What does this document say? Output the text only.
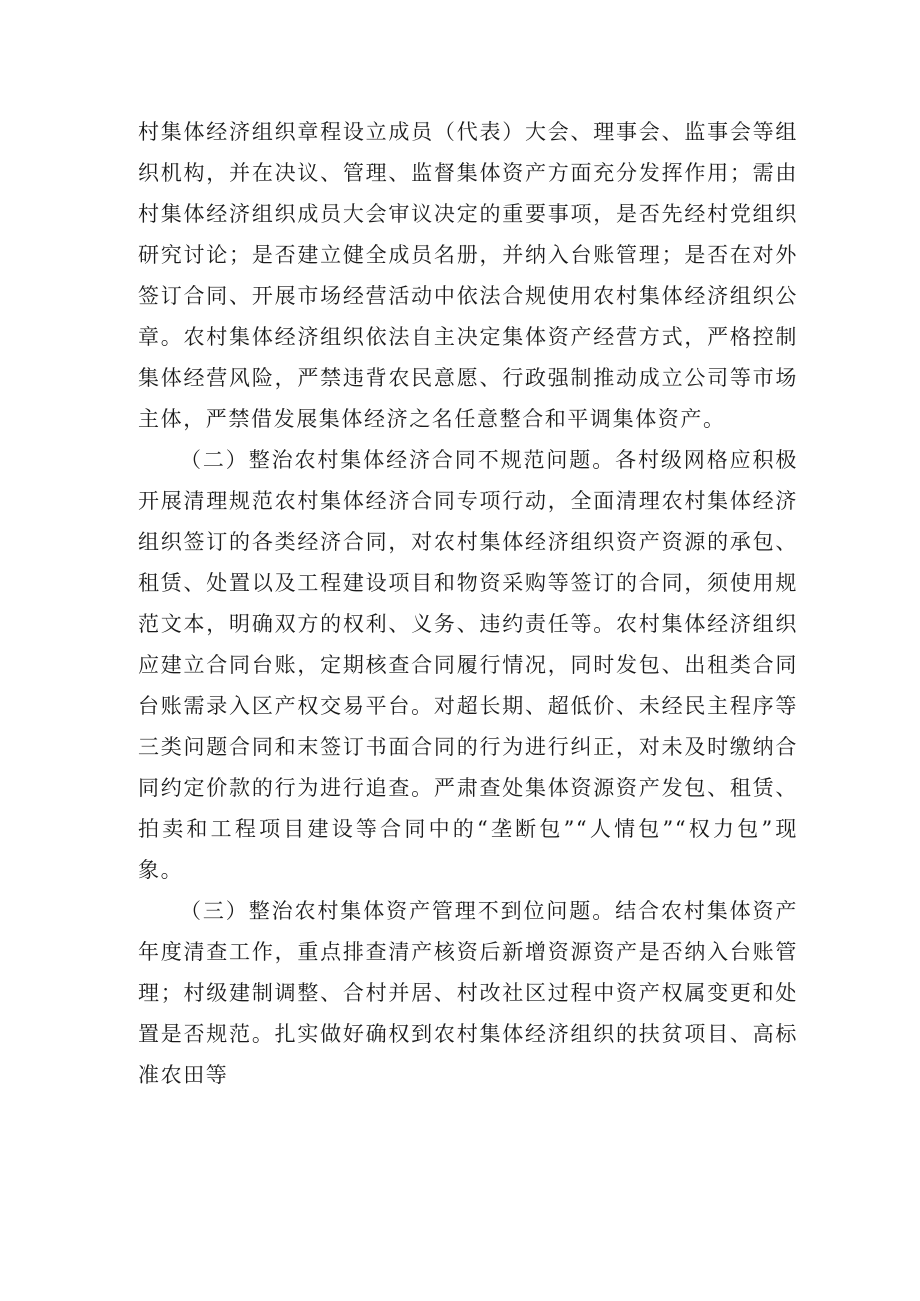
村集体经济组织章程设立成员（代表）大会、理事会、监事会等组织机构，并在决议、管理、监督集体资产方面充分发挥作用；需由村集体经济组织成员大会审议决定的重要事项，是否先经村党组织研究讨论；是否建立健全成员名册，并纳入台账管理；是否在对外签订合同、开展市场经营活动中依法合规使用农村集体经济组织公章。农村集体经济组织依法自主决定集体资产经营方式，严格控制集体经营风险，严禁违背农民意愿、行政强制推动成立公司等市场主体，严禁借发展集体经济之名任意整合和平调集体资产。

（二）整治农村集体经济合同不规范问题。各村级网格应积极开展清理规范农村集体经济合同专项行动，全面清理农村集体经济组织签订的各类经济合同，对农村集体经济组织资产资源的承包、租赁、处置以及工程建设项目和物资采购等签订的合同，须使用规范文本，明确双方的权利、义务、违约责任等。农村集体经济组织应建立合同台账，定期核查合同履行情况，同时发包、出租类合同台账需录入区产权交易平台。对超长期、超低价、未经民主程序等三类问题合同和末签订书面合同的行为进行纠正，对未及时缴纳合同约定价款的行为进行追查。严肃查处集体资源资产发包、租赁、拍卖和工程项目建设等合同中的“垄断包”“人情包”“权力包”现象。

（三）整治农村集体资产管理不到位问题。结合农村集体资产年度清查工作，重点排查清产核资后新增资源资产是否纳入台账管理；村级建制调整、合村并居、村改社区过程中资产权属变更和处置是否规范。扎实做好确权到农村集体经济组织的扶贫项目、高标准农田等
